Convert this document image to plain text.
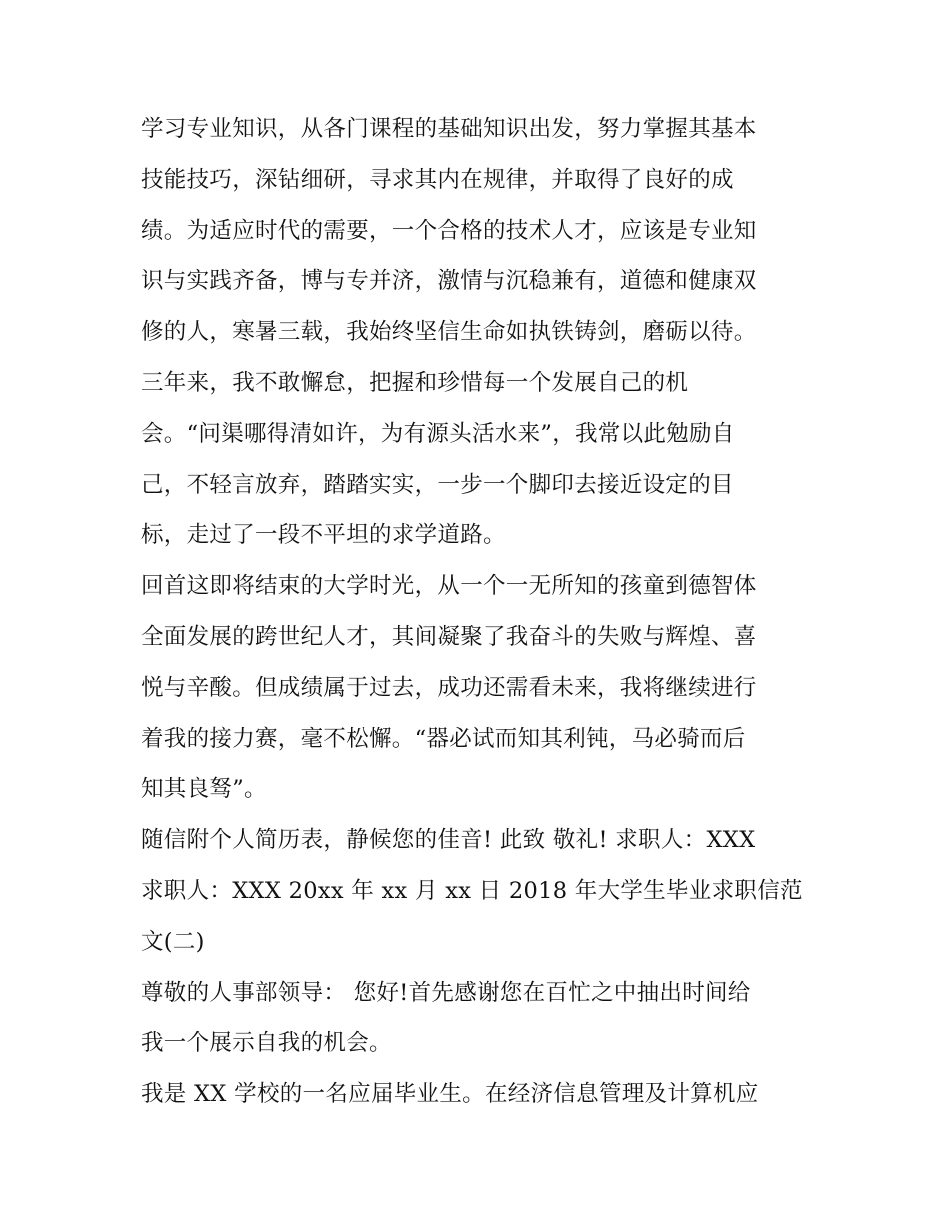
学习专业知识，从各门课程的基础知识出发，努力掌握其基本
技能技巧，深钻细研，寻求其内在规律，并取得了良好的成
绩。为适应时代的需要，一个合格的技术人才，应该是专业知
识与实践齐备，博与专并济，激情与沉稳兼有，道德和健康双
修的人，寒暑三载，我始终坚信生命如执铁铸剑，磨砺以待。
三年来，我不敢懈怠，把握和珍惜每一个发展自己的机
会。“问渠哪得清如许，为有源头活水来”，我常以此勉励自
己，不轻言放弃，踏踏实实，一步一个脚印去接近设定的目
标，走过了一段不平坦的求学道路。
回首这即将结束的大学时光，从一个一无所知的孩童到德智体
全面发展的跨世纪人才，其间凝聚了我奋斗的失败与辉煌、喜
悦与辛酸。但成绩属于过去，成功还需看未来，我将继续进行
着我的接力赛，毫不松懈。“器必试而知其利钝，马必骑而后
知其良驽”。
随信附个人简历表，静候您的佳音! 此致 敬礼! 求职人：XXX
求职人：XXX 20xx 年 xx 月 xx 日 2018 年大学生毕业求职信范
文(二)
尊敬的人事部领导： 您好!首先感谢您在百忙之中抽出时间给
我一个展示自我的机会。
我是 XX 学校的一名应届毕业生。在经济信息管理及计算机应
